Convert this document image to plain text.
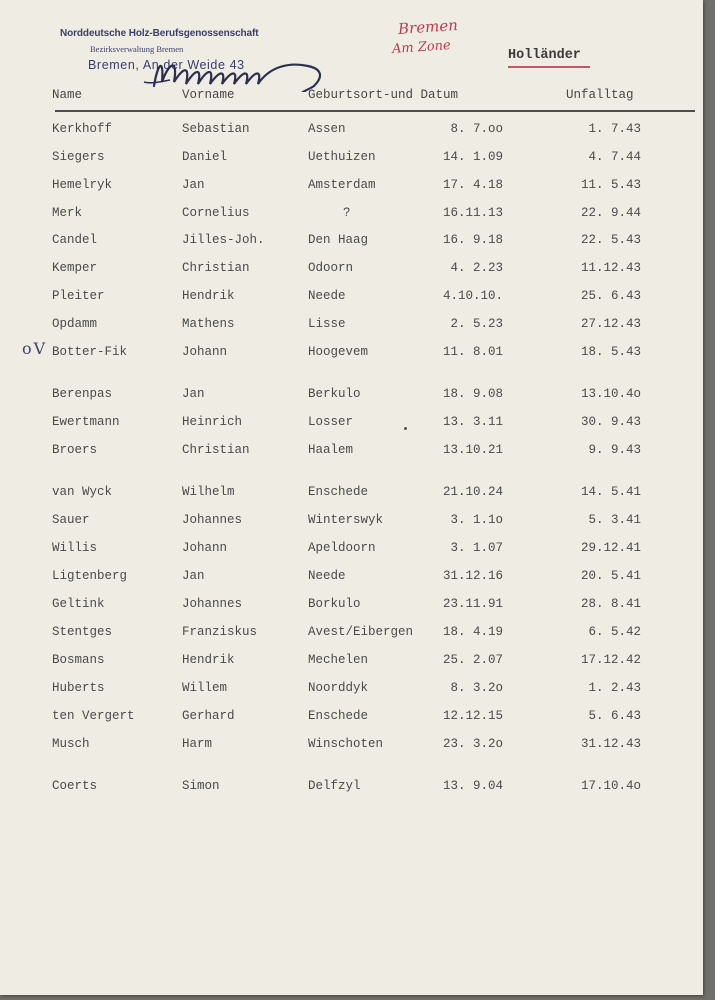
Norddeutsche Holz-Berufsgenossenschaft
Bezirksverwaltung Bremen
Bremen, An der Weide 43
Bremen
Am Zone	Holländer
Name	Vorname	Geburtsort-und Datum	Unfalltag
oV
Kerkhoff	Sebastian	Assen	8. 7.oo	1. 7.43
Siegers	Daniel	Uethuizen	14. 1.09	4. 7.44
Hemelryk	Jan	Amsterdam	17. 4.18	11. 5.43
Merk	Cornelius	?	16.11.13	22. 9.44
Candel	Jilles-Joh.	Den Haag	16. 9.18	22. 5.43
Kemper	Christian	Odoorn	4. 2.23	11.12.43
Pleiter	Hendrik	Neede	4.10.10.	25. 6.43
Opdamm	Mathens	Lisse	2. 5.23	27.12.43
Botter-Fik	Johann	Hoogevem	11. 8.01	18. 5.43
Berenpas	Jan	Berkulo	18. 9.08	13.10.4o
Ewertmann	Heinrich	Losser	13. 3.11	30. 9.43
Broers	Christian	Haalem	13.10.21	9. 9.43
van Wyck	Wilhelm	Enschede	21.10.24	14. 5.41
Sauer	Johannes	Winterswyk	3. 1.1o	5. 3.41
Willis	Johann	Apeldoorn	3. 1.07	29.12.41
Ligtenberg	Jan	Neede	31.12.16	20. 5.41
Geltink	Johannes	Borkulo	23.11.91	28. 8.41
Stentges	Franziskus	Avest/Eibergen 18. 4.19	6. 5.42
Bosmans	Hendrik	Mechelen	25. 2.07	17.12.42
Huberts	Willem	Noorddyk	8. 3.2o	1. 2.43
ten Vergert	Gerhard	Enschede	12.12.15	5. 6.43
Musch	Harm	Winschoten	23. 3.2o	31.12.43
Coerts	Simon	Delfzyl	13. 9.04	17.10.4o
